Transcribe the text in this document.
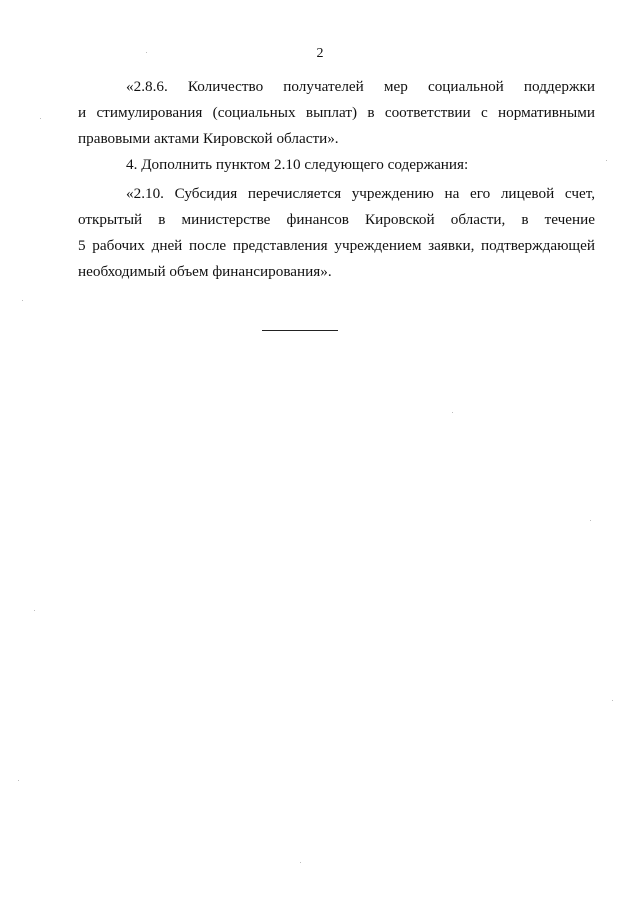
2
«2.8.6. Количество получателей мер социальной поддержки
и стимулирования (социальных выплат) в соответствии с нормативными
правовыми актами Кировской области».
4. Дополнить пунктом 2.10 следующего содержания:
«2.10. Субсидия перечисляется учреждению на его лицевой счет,
открытый в министерстве финансов Кировской области, в течение
5 рабочих дней после представления учреждением заявки, подтверждающей
необходимый объем финансирования».
